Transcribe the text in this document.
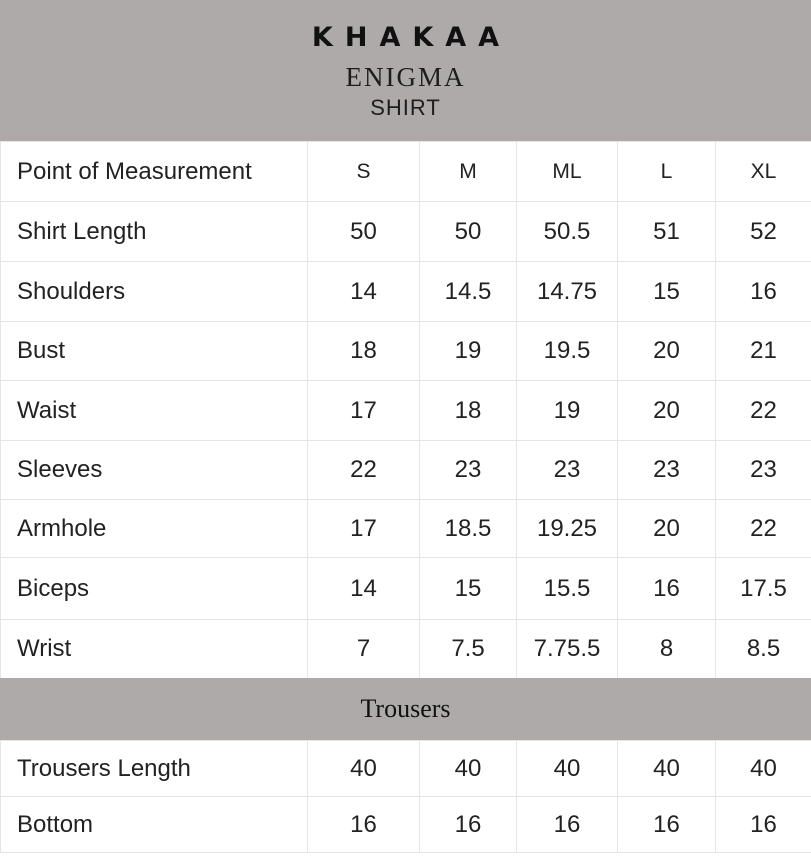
KHAKAA
ENIGMA
SHIRT
Point of Measurement	S	M	ML	L	XL
Shirt Length	50	50	50.5	51	52
Shoulders	14	14.5	14.75	15	16
Bust	18	19	19.5	20	21
Waist	17	18	19	20	22
Sleeves	22	23	23	23	23
Armhole	17	18.5	19.25	20	22
Biceps	14	15	15.5	16	17.5
Wrist	7	7.5	7.75.5	8	8.5
Trousers
Trousers Length	40	40	40	40	40
Bottom	16	16	16	16	16
